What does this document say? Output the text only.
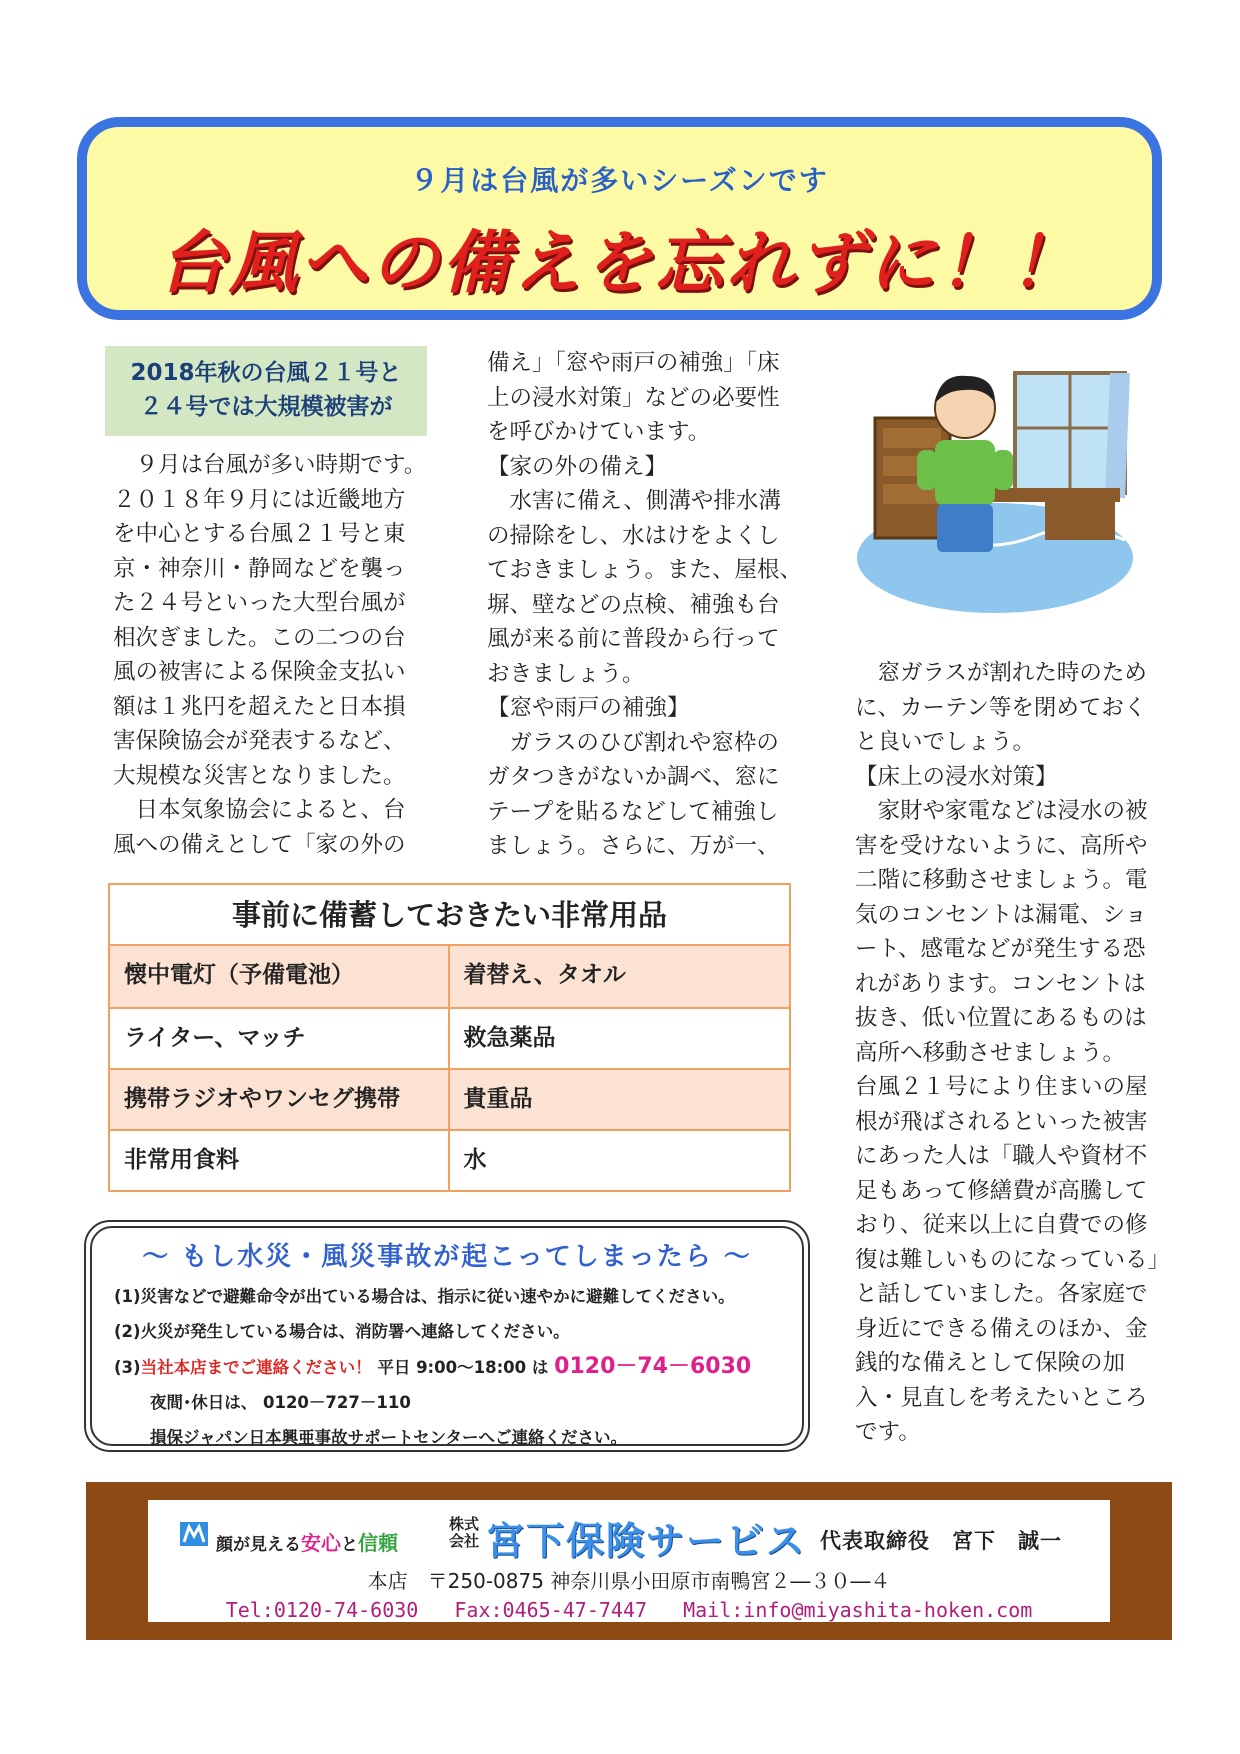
９月は台風が多いシーズンです
台風への備えを忘れずに！！
2018年秋の台風２１号と
２４号では大規模被害が

　９月は台風が多い時期です。

２０１８年９月には近畿地方

を中心とする台風２１号と東

京・神奈川・静岡などを襲っ

た２４号といった大型台風が

相次ぎました。この二つの台

風の被害による保険金支払い

額は１兆円を超えたと日本損

害保険協会が発表するなど、

大規模な災害となりました。

　日本気象協会によると、台

風への備えとして「家の外の

備え」「窓や雨戸の補強」「床

上の浸水対策」などの必要性

を呼びかけています。

【家の外の備え】

　水害に備え、側溝や排水溝

の掃除をし、水はけをよくし

ておきましょう。また、屋根、

塀、壁などの点検、補強も台

風が来る前に普段から行って

おきましょう。

【窓や雨戸の補強】

　ガラスのひび割れや窓枠の

ガタつきがないか調べ、窓に

テープを貼るなどして補強し

ましょう。さらに、万が一、

　窓ガラスが割れた時のため

に、カーテン等を閉めておく

と良いでしょう。

【床上の浸水対策】

　家財や家電などは浸水の被

害を受けないように、高所や

二階に移動させましょう。電

気のコンセントは漏電、ショ

ート、感電などが発生する恐

れがあります。コンセントは

抜き、低い位置にあるものは

高所へ移動させましょう。

台風２１号により住まいの屋

根が飛ばされるといった被害

にあった人は「職人や資材不

足もあって修繕費が高騰して

おり、従来以上に自費での修

復は難しいものになっている」

と話していました。各家庭で

身近にできる備えのほか、金

銭的な備えとして保険の加

入・見直しを考えたいところ

です。

事前に備蓄しておきたい非常用品
懐中電灯（予備電池）	着替え、タオル
ライター、マッチ	救急薬品
携帯ラジオやワンセグ携帯	貴重品
非常用食料	水
～ もし水災・風災事故が起こってしまったら ～
(1)災害などで避難命令が出ている場合は、指示に従い速やかに避難してください。
(2)火災が発生している場合は、消防署へ連絡してください。
(3)当社本店までご連絡ください！ 平日 9:00～18:00 は 0120－74－6030
夜間･休日は、 0120－727－110
損保ジャパン日本興亜事故サポートセンターへご連絡ください。
顔が見える安心と信頼
株式会社 宮下保険サービス 代表取締役　宮下　誠一
本店　〒250-0875 神奈川県小田原市南鴨宮２―３０―４
Tel:0120-74-6030 Fax:0465-47-7447 Mail:info@miyashita-hoken.com
